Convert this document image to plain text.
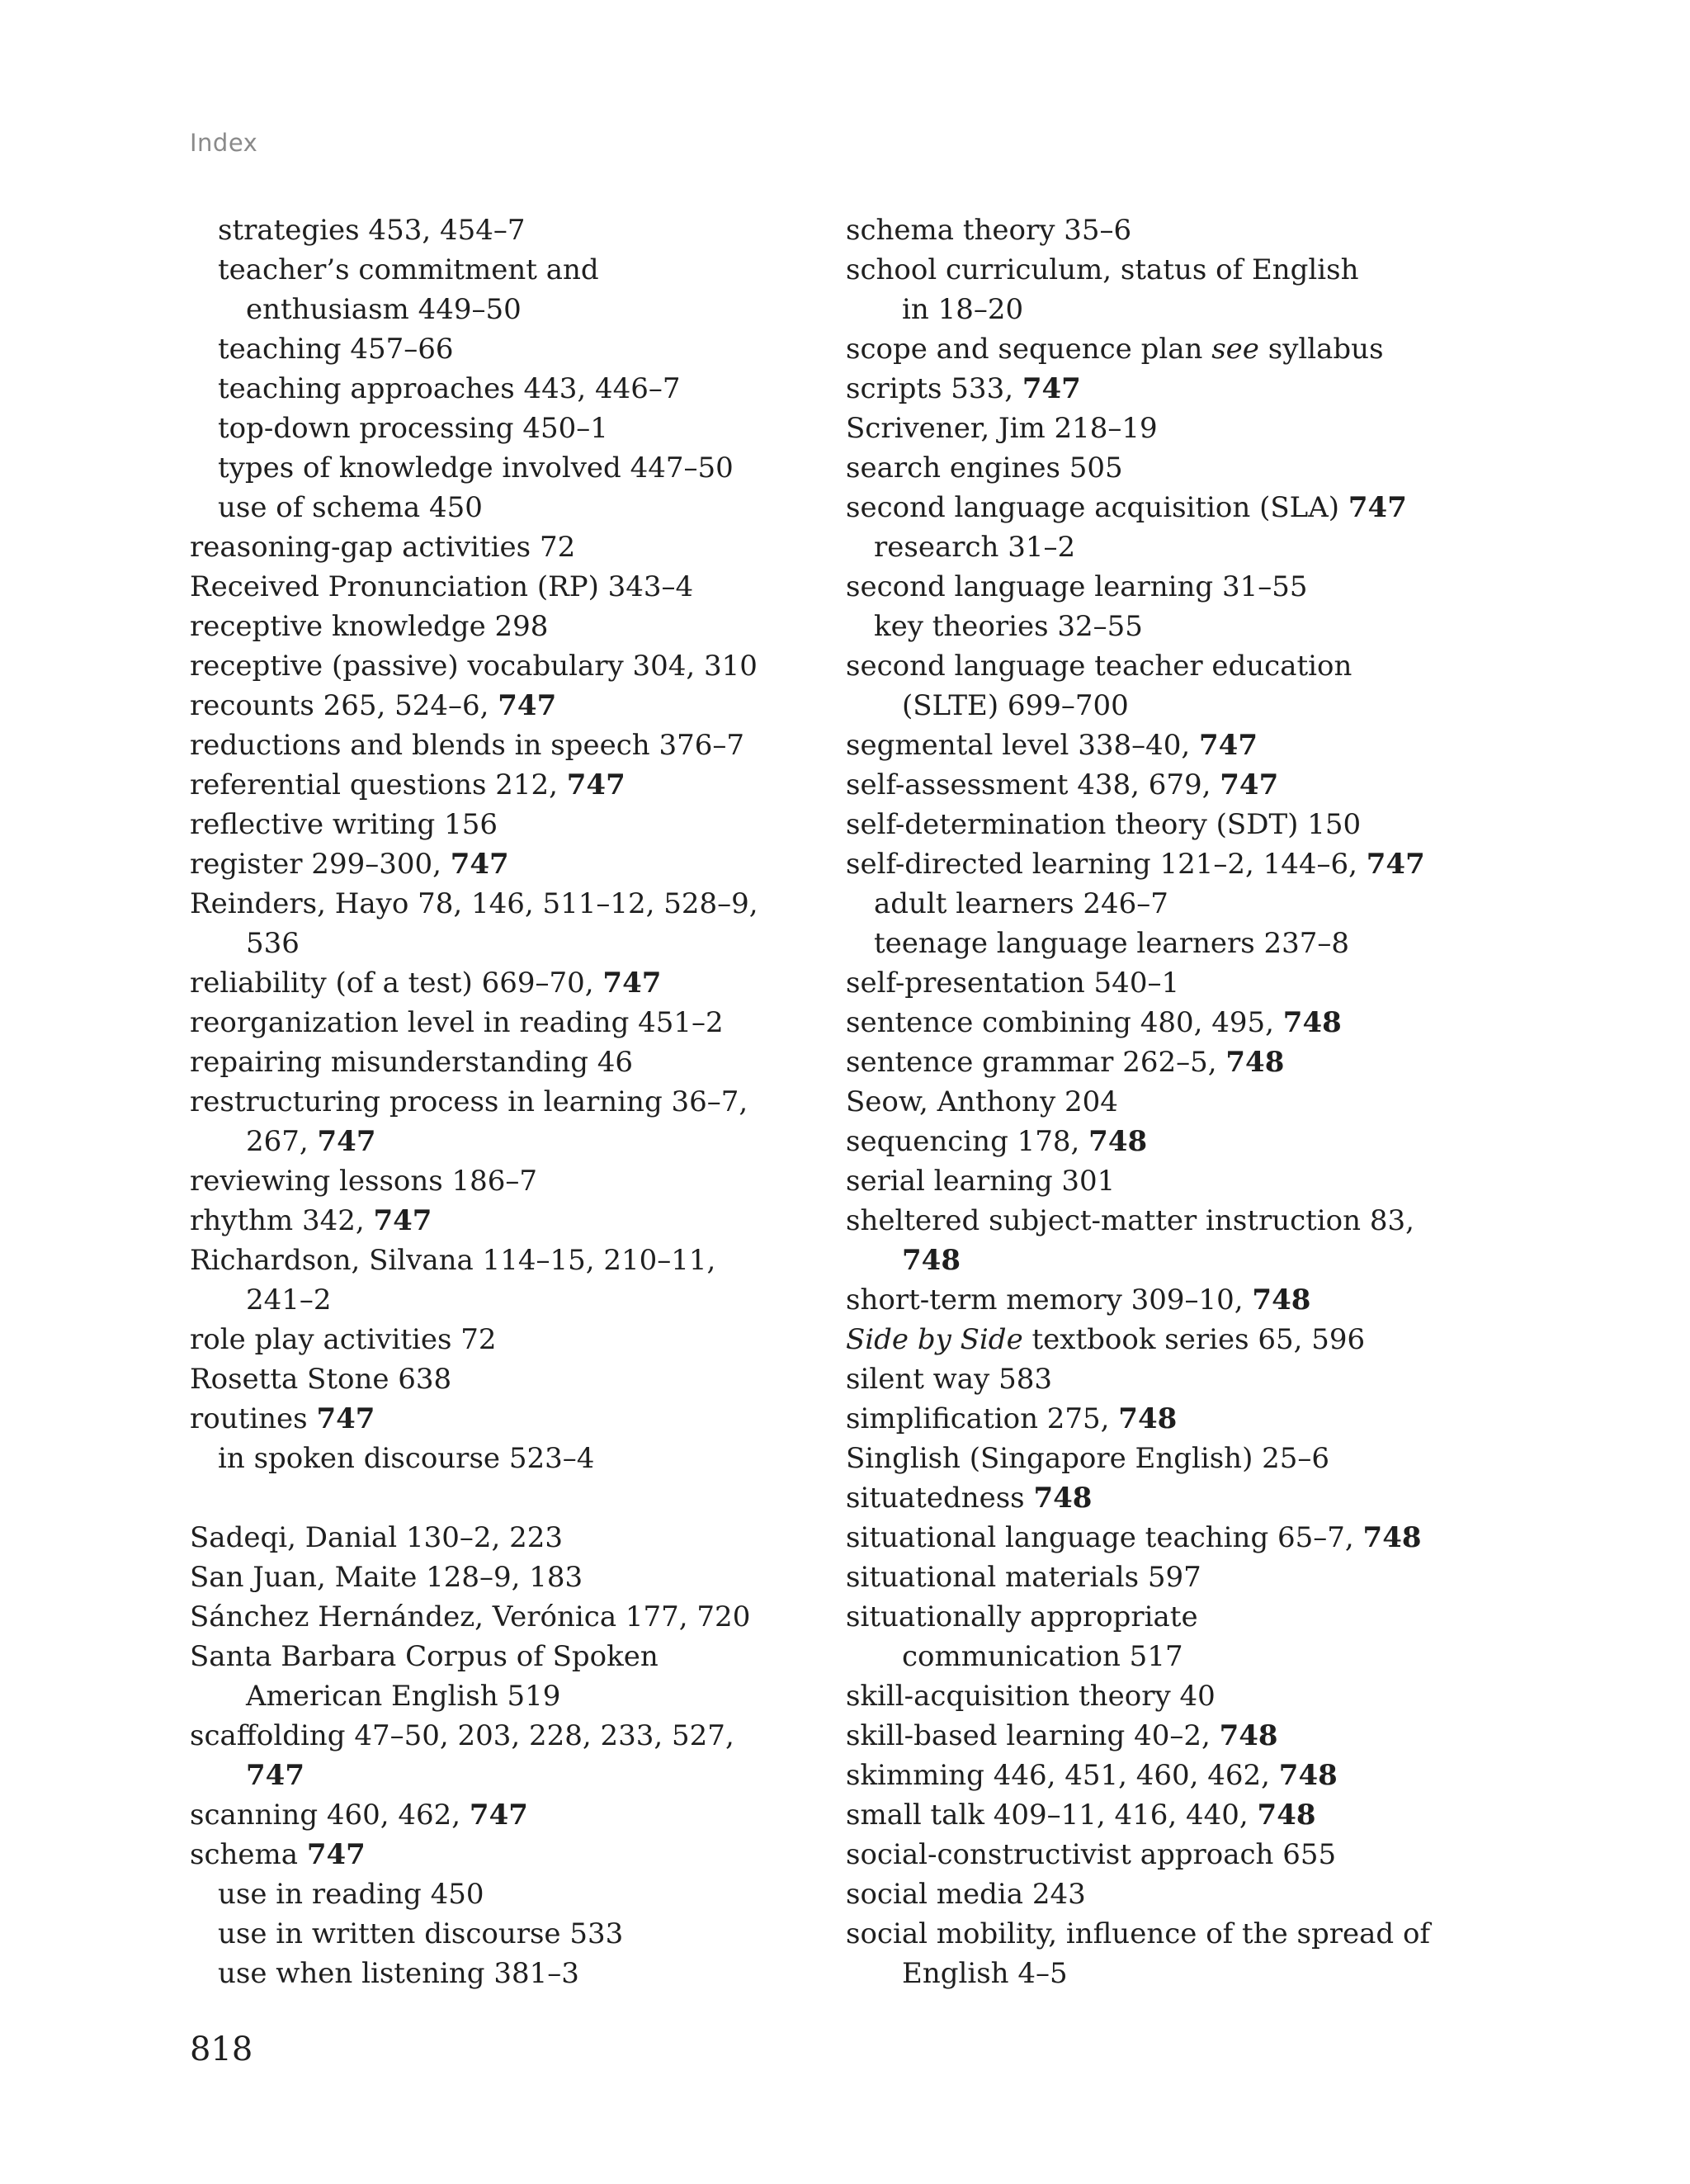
Index
strategies 453, 454–7
teacher’s commitment and
enthusiasm 449–50
teaching 457–66
teaching approaches 443, 446–7
top-down processing 450–1
types of knowledge involved 447–50
use of schema 450
reasoning-gap activities 72
Received Pronunciation (RP) 343–4
receptive knowledge 298
receptive (passive) vocabulary 304, 310
recounts 265, 524–6, 747
reductions and blends in speech 376–7
referential questions 212, 747
reflective writing 156
register 299–300, 747
Reinders, Hayo 78, 146, 511–12, 528–9,
536
reliability (of a test) 669–70, 747
reorganization level in reading 451–2
repairing misunderstanding 46
restructuring process in learning 36–7,
267, 747
reviewing lessons 186–7
rhythm 342, 747
Richardson, Silvana 114–15, 210–11,
241–2
role play activities 72
Rosetta Stone 638
routines 747
in spoken discourse 523–4
Sadeqi, Danial 130–2, 223
San Juan, Maite 128–9, 183
Sánchez Hernández, Verónica 177, 720
Santa Barbara Corpus of Spoken
American English 519
scaffolding 47–50, 203, 228, 233, 527,
747
scanning 460, 462, 747
schema 747
use in reading 450
use in written discourse 533
use when listening 381–3
schema theory 35–6
school curriculum, status of English
in 18–20
scope and sequence plan see syllabus
scripts 533, 747
Scrivener, Jim 218–19
search engines 505
second language acquisition (SLA) 747
research 31–2
second language learning 31–55
key theories 32–55
second language teacher education
(SLTE) 699–700
segmental level 338–40, 747
self-assessment 438, 679, 747
self-determination theory (SDT) 150
self-directed learning 121–2, 144–6, 747
adult learners 246–7
teenage language learners 237–8
self-presentation 540–1
sentence combining 480, 495, 748
sentence grammar 262–5, 748
Seow, Anthony 204
sequencing 178, 748
serial learning 301
sheltered subject-matter instruction 83,
748
short-term memory 309–10, 748
Side by Side textbook series 65, 596
silent way 583
simplification 275, 748
Singlish (Singapore English) 25–6
situatedness 748
situational language teaching 65–7, 748
situational materials 597
situationally appropriate
communication 517
skill-acquisition theory 40
skill-based learning 40–2, 748
skimming 446, 451, 460, 462, 748
small talk 409–11, 416, 440, 748
social-constructivist approach 655
social media 243
social mobility, influence of the spread of
English 4–5
818
